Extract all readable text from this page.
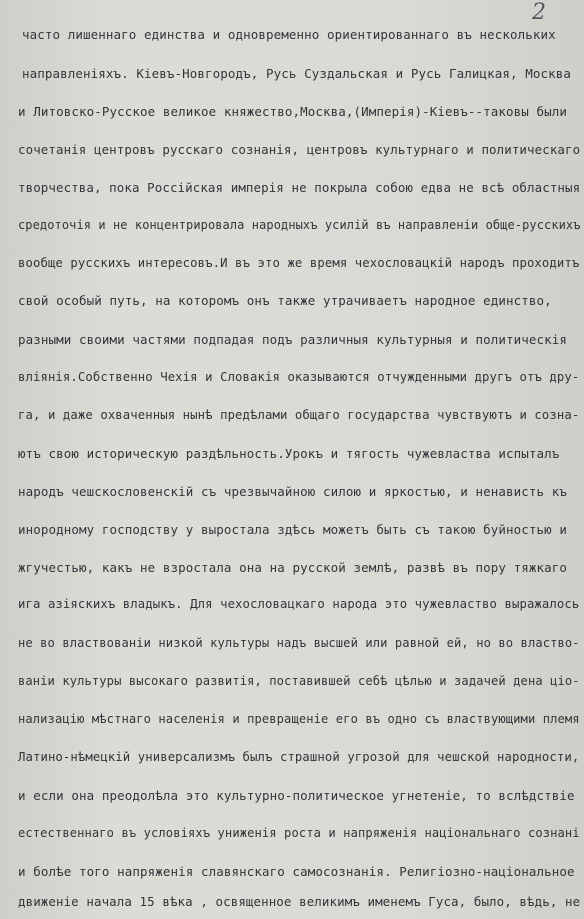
2
часто лишеннаго единства и одновременно ориентированнаго въ нескольких
направленіяхъ. Кіевъ-Новгородъ, Русь Суздальская и Русь Галицкая, Москва
и Литовско-Русское великое княжество,Москва,(Имперія)-Кіевъ--таковы были
сочетанія центровъ русскаго сознанія, центровъ культурнаго и политическаго
творчества, пока Россійская имперія не покрыла собою едва не всѣ областныя
средоточія и не концентрировала народныхъ усилій въ направленіи обще-русскихъ
вообще русскихъ интересовъ.И въ это же время чехословацкій народъ проходитъ
свой особый путь, на которомъ онъ также утрачиваетъ народное единство,
разными своими частями подпадая подъ различныя культурныя и политическія
вліянія.Собственно Чехія и Словакія оказываются отчужденными другъ отъ дру-
га, и даже охваченныя нынѣ предѣлами общаго государства чувствуютъ и созна-
ютъ свою историческую раздѣльность.Урокъ и тягость чужевластва испыталъ
народъ чешскословенскій съ чрезвычайною силою и яркостью, и ненависть къ
инородному господству у выростала здѣсь можетъ быть съ такою буйностью и
жгучестью, какъ не взростала она на русской землѣ, развѣ въ пору тяжкаго
ига азіяскихъ владыкъ. Для чехословацкаго народа это чужевластво выражалось
не во властвованіи низкой культуры надъ высшей или равной ей, но во властво-
ваніи культуры высокаго развитія, поставившей себѣ цѣлью и задачей дена ціо-
нализацію мѣстнаго населенія и превращеніе его въ одно съ властвующими племя
Латино-нѣмецкій универсализмъ былъ страшной угрозой для чешской народности,
и если она преодолѣла это культурно-политическое угнетеніе, то вслѣдствіе
естественнаго въ условіяхъ униженія роста и напряженія національнаго сознані
и болѣе того напряженія славянскаго самосознанія. Религіозно-національное
движеніе начала 15 вѣка , освященное великимъ именемъ Гуса, было, вѣдь, не
